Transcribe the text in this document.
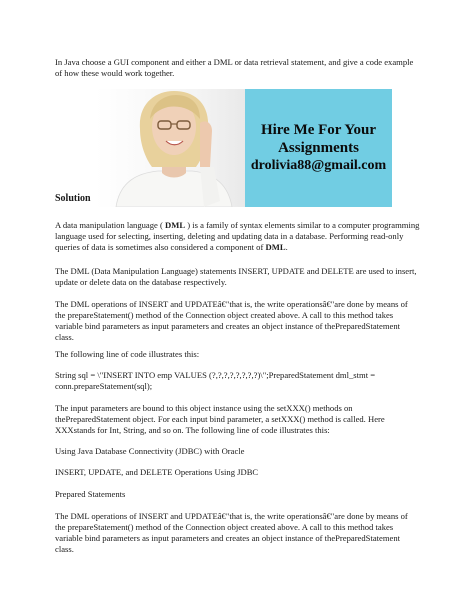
In Java choose a GUI component and either a DML or data retrieval statement, and give a code example of how these would work together.

Hire Me For Your
Assignments
drolivia88@gmail.com
Solution

A data manipulation language ( DML ) is a family of syntax elements similar to a computer programming language used for selecting, inserting, deleting and updating data in a database. Performing read-only queries of data is sometimes also considered a component of DML.

The DML (Data Manipulation Language) statements INSERT, UPDATE and DELETE are used to insert, update or delete data on the database respectively.

The DML operations of INSERT and UPDATEâ€"that is, the write operationsâ€"are done by means of the prepareStatement() method of the Connection object created above. A call to this method takes variable bind parameters as input parameters and creates an object instance of thePreparedStatement class.

The following line of code illustrates this:

String sql = \"INSERT INTO emp VALUES (?,?,?,?,?,?,?,?)\";PreparedStatement dml_stmt = conn.prepareStatement(sql);

The input parameters are bound to this object instance using the setXXX() methods on thePreparedStatement object. For each input bind parameter, a setXXX() method is called. Here XXXstands for Int, String, and so on. The following line of code illustrates this:

Using Java Database Connectivity (JDBC) with Oracle

INSERT, UPDATE, and DELETE Operations Using JDBC

Prepared Statements

The DML operations of INSERT and UPDATEâ€"that is, the write operationsâ€"are done by means of the prepareStatement() method of the Connection object created above. A call to this method takes variable bind parameters as input parameters and creates an object instance of thePreparedStatement class.
